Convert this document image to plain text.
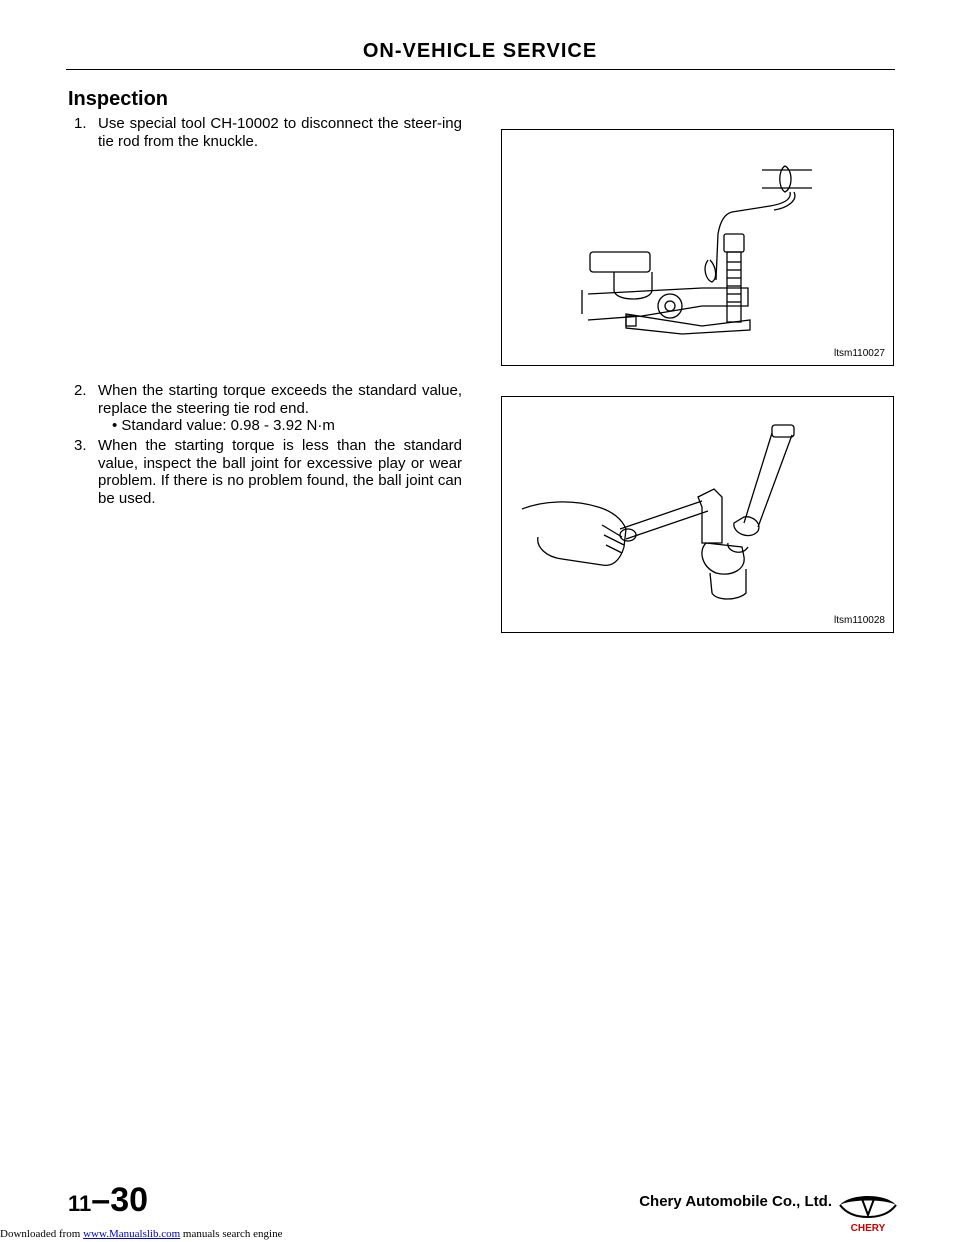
ON-VEHICLE SERVICE
Inspection
1. Use special tool CH-10002 to disconnect the steer-ing tie rod from the knuckle.
2. When the starting torque exceeds the standard value, replace the steering tie rod end.
• Standard value: 0.98 - 3.92 N·m
3. When the starting torque is less than the standard value, inspect the ball joint for excessive play or wear problem. If there is no problem found, the ball joint can be used.
ltsm110027
ltsm110028
11–30	Chery Automobile Co., Ltd.
CHERY
Downloaded from www.Manualslib.com manuals search engine
